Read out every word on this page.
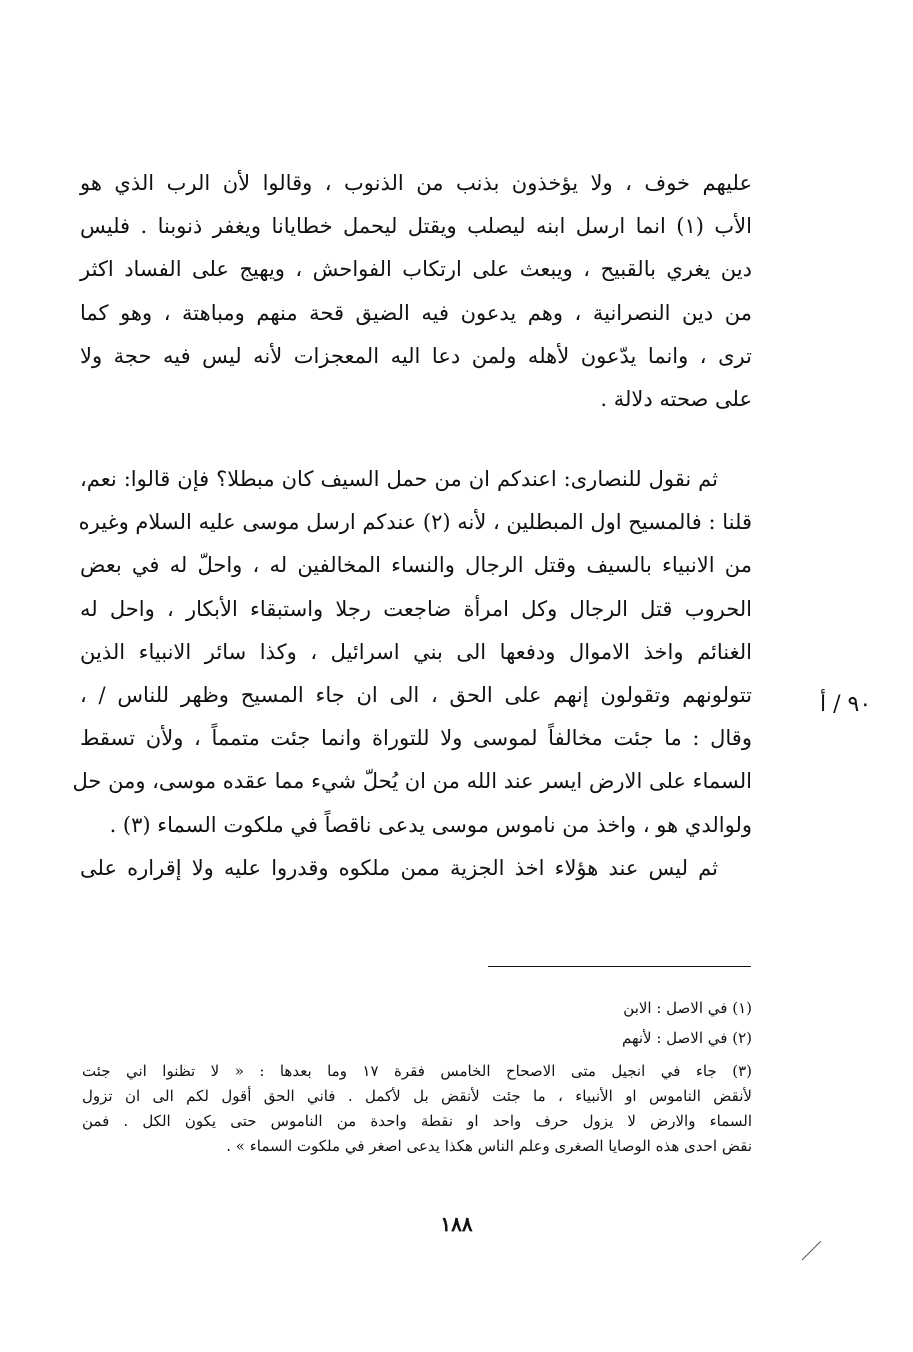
عليهم خوف ، ولا يؤخذون بذنب من الذنوب ، وقالوا لأن الرب الذي هو
الأب (١) انما ارسل ابنه ليصلب ويقتل ليحمل خطايانا ويغفر ذنوبنا . فليس
دين يغري بالقبيح ، ويبعث على ارتكاب الفواحش ، ويهيج على الفساد اكثر
من دين النصرانية ، وهم يدعون فيه الضيق قحة منهم ومباهتة ، وهو كما
ترى ، وانما يدّعون لأهله ولمن دعا اليه المعجزات لأنه ليس فيه حجة ولا
على صحته دلالة .
ثم نقول للنصارى: اعندكم ان من حمل السيف كان مبطلا؟ فإن قالوا: نعم،
قلنا : فالمسيح اول المبطلين ، لأنه (٢) عندكم ارسل موسى عليه السلام وغيره
من الانبياء بالسيف وقتل الرجال والنساء المخالفين له ، واحلّ له في بعض
الحروب قتل الرجال وكل امرأة ضاجعت رجلا واستبقاء الأبكار ، واحل له
الغنائم واخذ الاموال ودفعها الى بني اسرائيل ، وكذا سائر الانبياء الذين
تتولونهم وتقولون إنهم على الحق ، الى ان جاء المسيح وظهر للناس / ،
وقال : ما جئت مخالفاً لموسى ولا للتوراة وانما جئت متمماً ، ولأن تسقط
السماء على الارض ايسر عند الله من ان يُحلّ شيء مما عقده موسى، ومن حل
ولوالدي هو ، واخذ من ناموس موسى يدعى ناقصاً في ملكوت السماء (٣) .
ثم ليس عند هؤلاء اخذ الجزية ممن ملكوه وقدروا عليه ولا إقراره على
٩٠ / أ
(١) في الاصل : الابن
(٢) في الاصل : لأنهم
(٣) جاء في انجيل متى الاصحاح الخامس فقرة ١٧ وما بعدها : « لا تظنوا اني جئت
لأنقض الناموس او الأنبياء ، ما جئت لأنقض بل لأكمل . فاني الحق أقول لكم الى ان تزول
السماء والارض لا يزول حرف واحد او نقطة واحدة من الناموس حتى يكون الكل . فمن
نقض احدى هذه الوصايا الصغرى وعلم الناس هكذا يدعى اصغر في ملكوت السماء » .
١٨٨
